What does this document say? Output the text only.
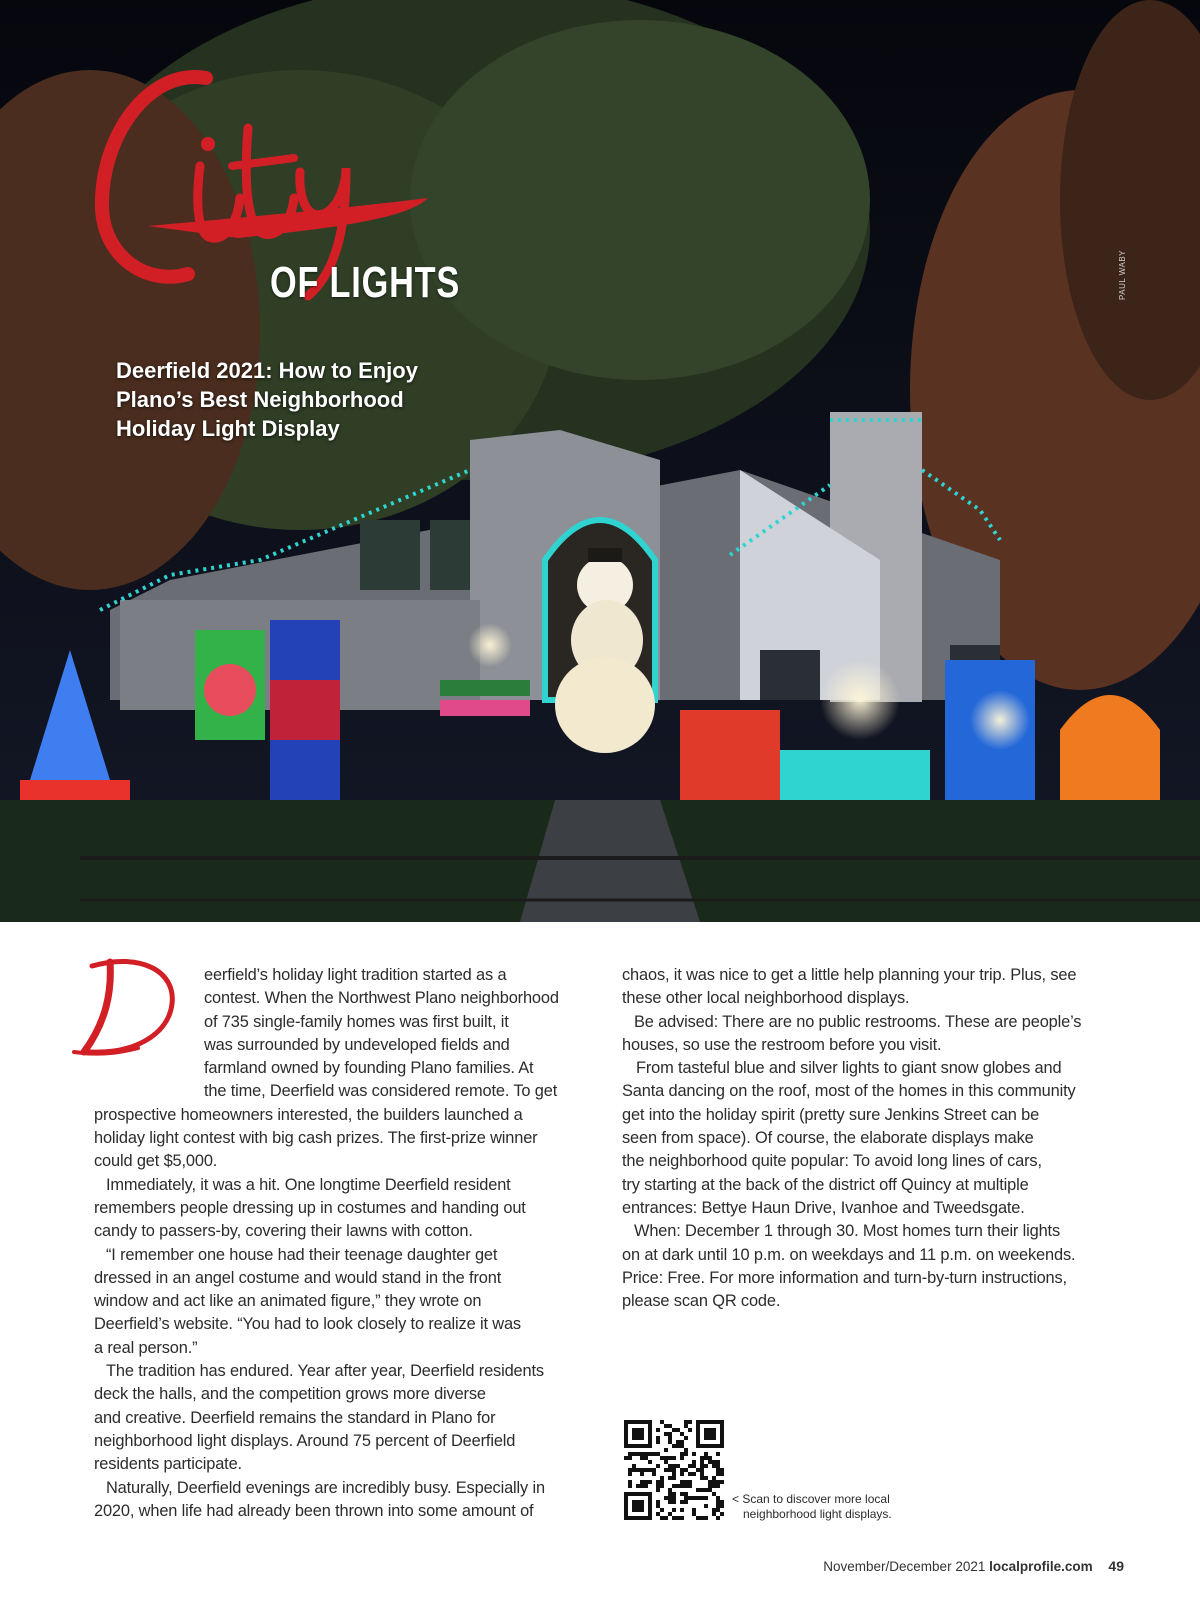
PAUL WABY
OF LIGHTS
Deerfield 2021: How to Enjoy
Plano’s Best Neighborhood
Holiday Light Display
eerfield’s holiday light tradition started as a
contest. When the Northwest Plano neighborhood
of 735 single-family homes was first built, it
was surrounded by undeveloped fields and
farmland owned by founding Plano families. At
the time, Deerfield was considered remote. To get
prospective homeowners interested, the builders launched a
holiday light contest with big cash prizes. The first-prize winner
could get $5,000.
Immediately, it was a hit. One longtime Deerfield resident
remembers people dressing up in costumes and handing out
candy to passers-by, covering their lawns with cotton.
“I remember one house had their teenage daughter get
dressed in an angel costume and would stand in the front
window and act like an animated figure,” they wrote on
Deerfield’s website. “You had to look closely to realize it was
a real person.”
The tradition has endured. Year after year, Deerfield residents
deck the halls, and the competition grows more diverse
and creative. Deerfield remains the standard in Plano for
neighborhood light displays. Around 75 percent of Deerfield
residents participate.
Naturally, Deerfield evenings are incredibly busy. Especially in
2020, when life had already been thrown into some amount of
chaos, it was nice to get a little help planning your trip. Plus, see
these other local neighborhood displays.
Be advised: There are no public restrooms. These are people’s
houses, so use the restroom before you visit.
From tasteful blue and silver lights to giant snow globes and
Santa dancing on the roof, most of the homes in this community
get into the holiday spirit (pretty sure Jenkins Street can be
seen from space). Of course, the elaborate displays make
the neighborhood quite popular: To avoid long lines of cars,
try starting at the back of the district off Quincy at multiple
entrances: Bettye Haun Drive, Ivanhoe and Tweedsgate.
When: December 1 through 30. Most homes turn their lights
on at dark until 10 p.m. on weekdays and 11 p.m. on weekends.
Price: Free. For more information and turn-by-turn instructions,
please scan QR code.
< Scan to discover more local
neighborhood light displays.
November/December 2021 localprofile.com 49
